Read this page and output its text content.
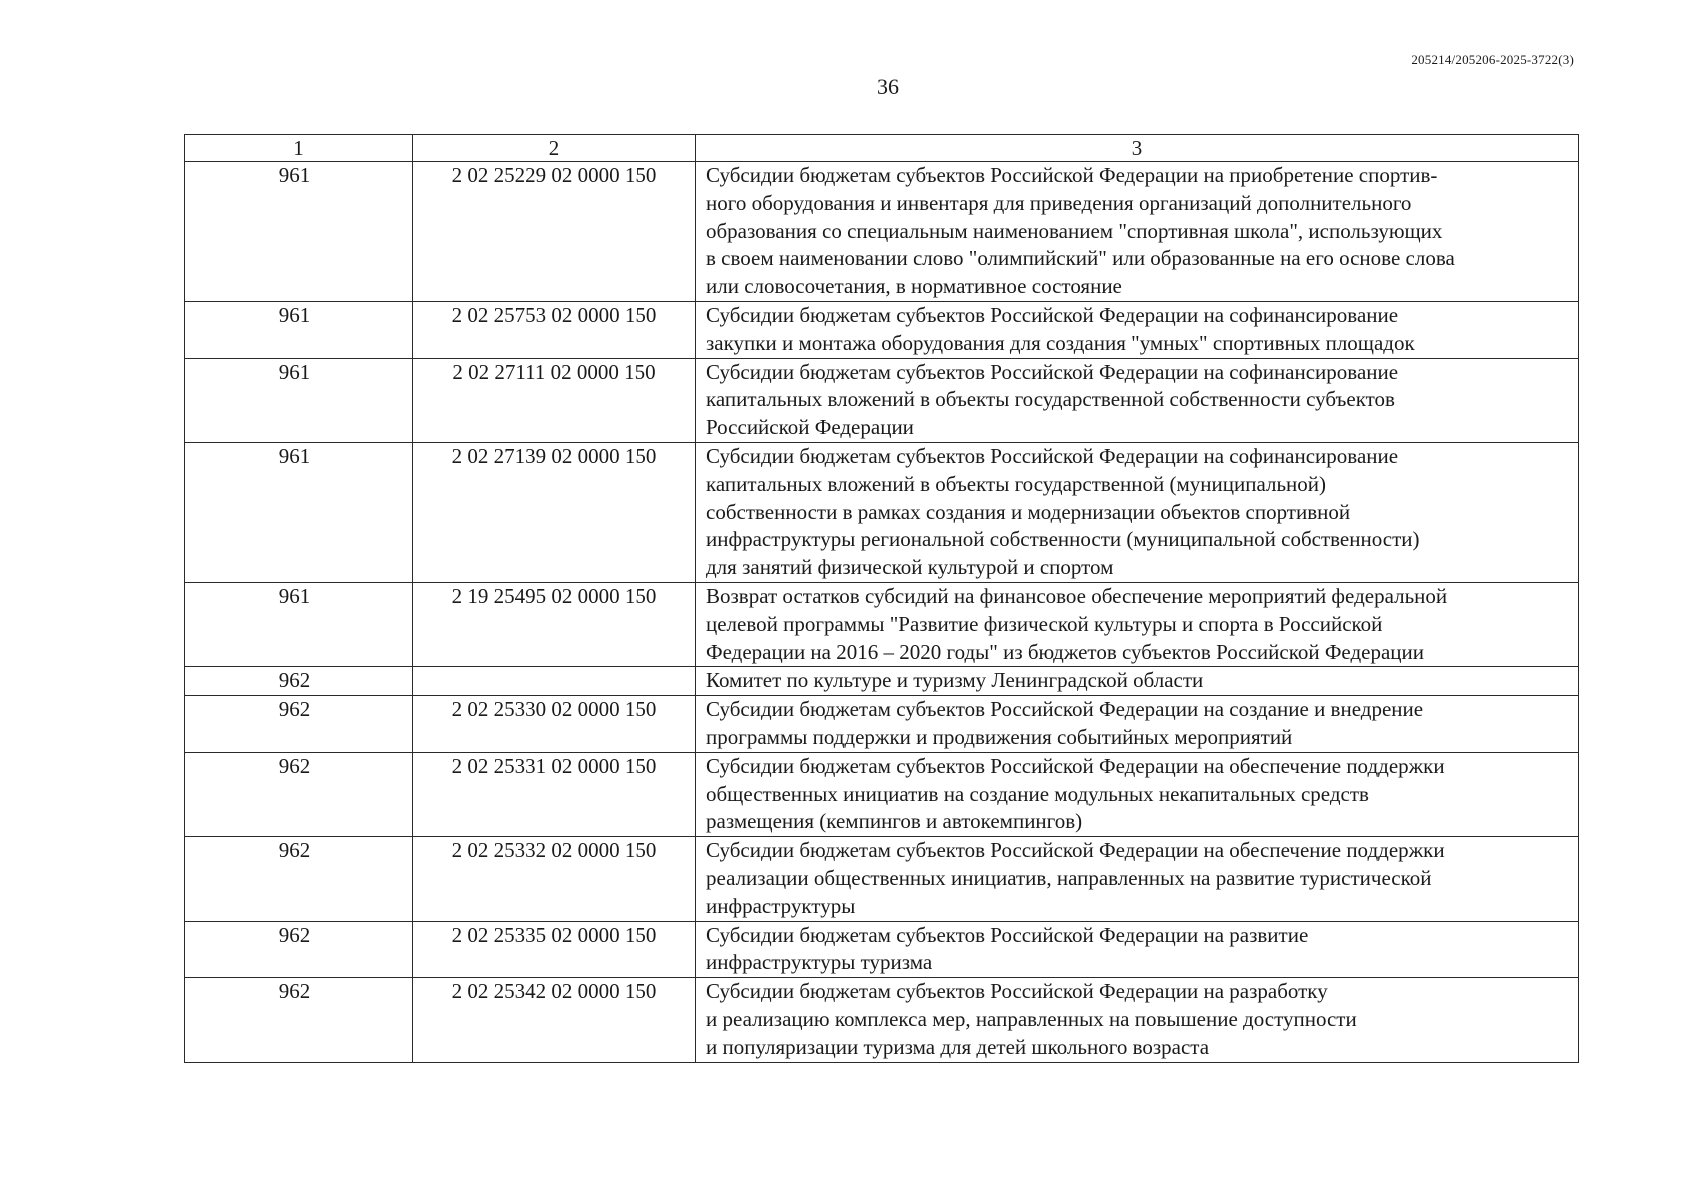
205214/205206-2025-3722(3)
36
1	2	3
961	2 02 25229 02 0000 150	Субсидии бюджетам субъектов Российской Федерации на приобретение спортив-
ного оборудования и инвентаря для приведения организаций дополнительного
образования со специальным наименованием "спортивная школа", использующих
в своем наименовании слово "олимпийский" или образованные на его основе слова
или словосочетания, в нормативное состояние
961	2 02 25753 02 0000 150	Субсидии бюджетам субъектов Российской Федерации на софинансирование
закупки и монтажа оборудования для создания "умных" спортивных площадок
961	2 02 27111 02 0000 150	Субсидии бюджетам субъектов Российской Федерации на софинансирование
капитальных вложений в объекты государственной собственности субъектов
Российской Федерации
961	2 02 27139 02 0000 150	Субсидии бюджетам субъектов Российской Федерации на софинансирование
капитальных вложений в объекты государственной (муниципальной)
собственности в рамках создания и модернизации объектов спортивной
инфраструктуры региональной собственности (муниципальной собственности)
для занятий физической культурой и спортом
961	2 19 25495 02 0000 150	Возврат остатков субсидий на финансовое обеспечение мероприятий федеральной
целевой программы "Развитие физической культуры и спорта в Российской
Федерации на 2016 – 2020 годы" из бюджетов субъектов Российской Федерации
962		Комитет по культуре и туризму Ленинградской области
962	2 02 25330 02 0000 150	Субсидии бюджетам субъектов Российской Федерации на создание и внедрение
программы поддержки и продвижения событийных мероприятий
962	2 02 25331 02 0000 150	Субсидии бюджетам субъектов Российской Федерации на обеспечение поддержки
общественных инициатив на создание модульных некапитальных средств
размещения (кемпингов и автокемпингов)
962	2 02 25332 02 0000 150	Субсидии бюджетам субъектов Российской Федерации на обеспечение поддержки
реализации общественных инициатив, направленных на развитие туристической
инфраструктуры
962	2 02 25335 02 0000 150	Субсидии бюджетам субъектов Российской Федерации на развитие
инфраструктуры туризма
962	2 02 25342 02 0000 150	Субсидии бюджетам субъектов Российской Федерации на разработку
и реализацию комплекса мер, направленных на повышение доступности
и популяризации туризма для детей школьного возраста
